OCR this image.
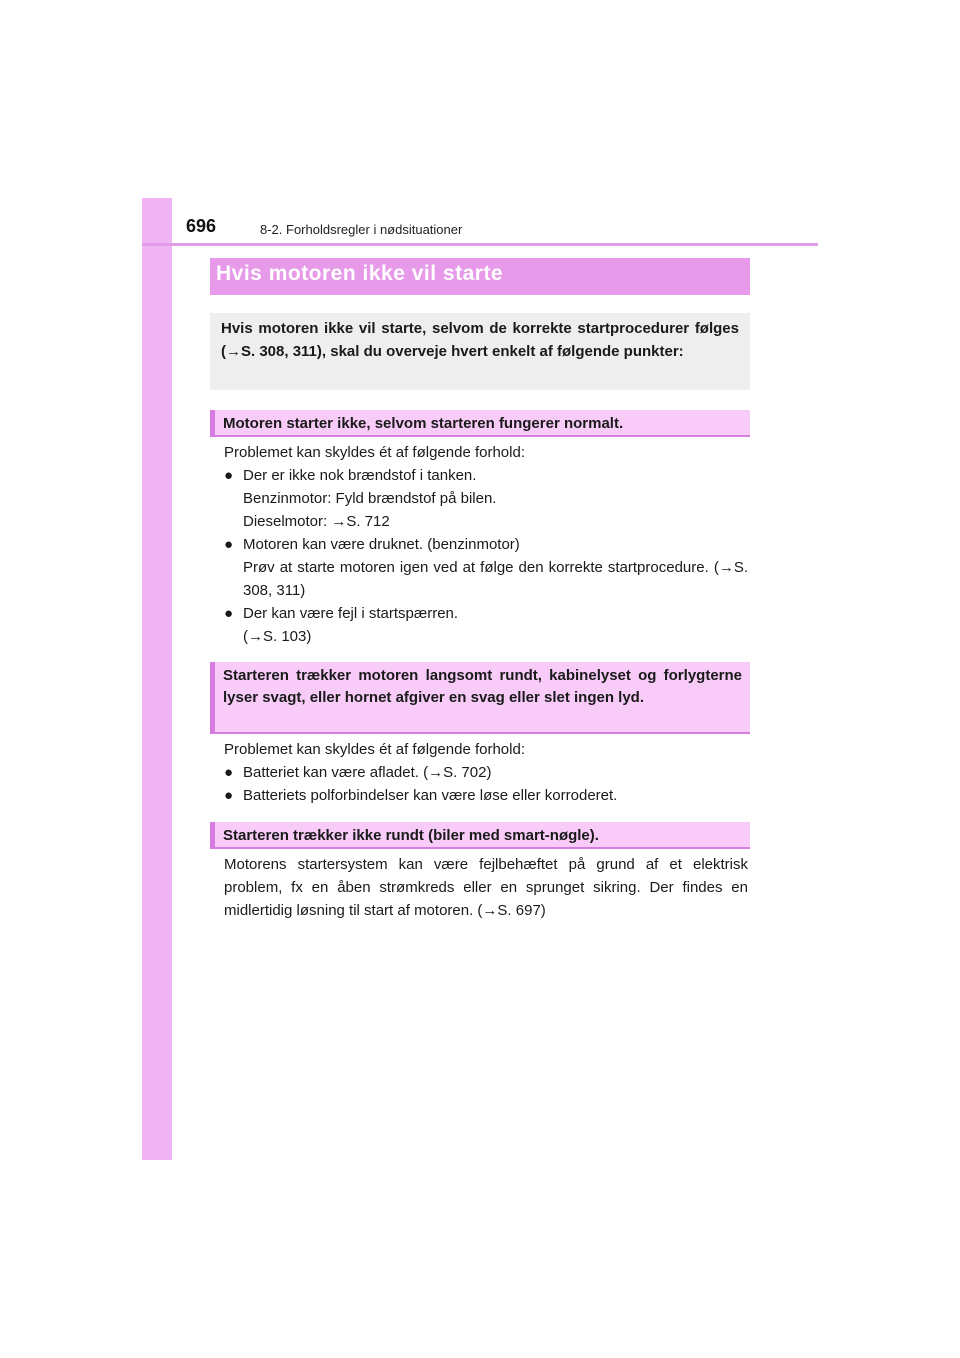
696	8-2. Forholdsregler i nødsituationer
Hvis motoren ikke vil starte
Hvis motoren ikke vil starte, selvom de korrekte startprocedurer følges (→S. 308, 311), skal du overveje hvert enkelt af følgende punkter:
Motoren starter ikke, selvom starteren fungerer normalt.

Problemet kan skyldes ét af følgende forhold:

● Der er ikke nok brændstof i tanken.
Benzinmotor: Fyld brændstof på bilen.
Dieselmotor: →S. 712
● Motoren kan være druknet. (benzinmotor)
Prøv at starte motoren igen ved at følge den korrekte startprocedure. (→S. 308, 311)
● Der kan være fejl i startspærren.
(→S. 103)
Starteren trækker motoren langsomt rundt, kabinelyset og forlygterne lyser svagt, eller hornet afgiver en svag eller slet ingen lyd.

Problemet kan skyldes ét af følgende forhold:

● Batteriet kan være afladet. (→S. 702)
● Batteriets polforbindelser kan være løse eller korroderet.
Starteren trækker ikke rundt (biler med smart-nøgle).
Motorens startersystem kan være fejlbehæftet på grund af et elektrisk problem, fx en åben strømkreds eller en sprunget sikring. Der findes en midlertidig løsning til start af motoren. (→S. 697)
